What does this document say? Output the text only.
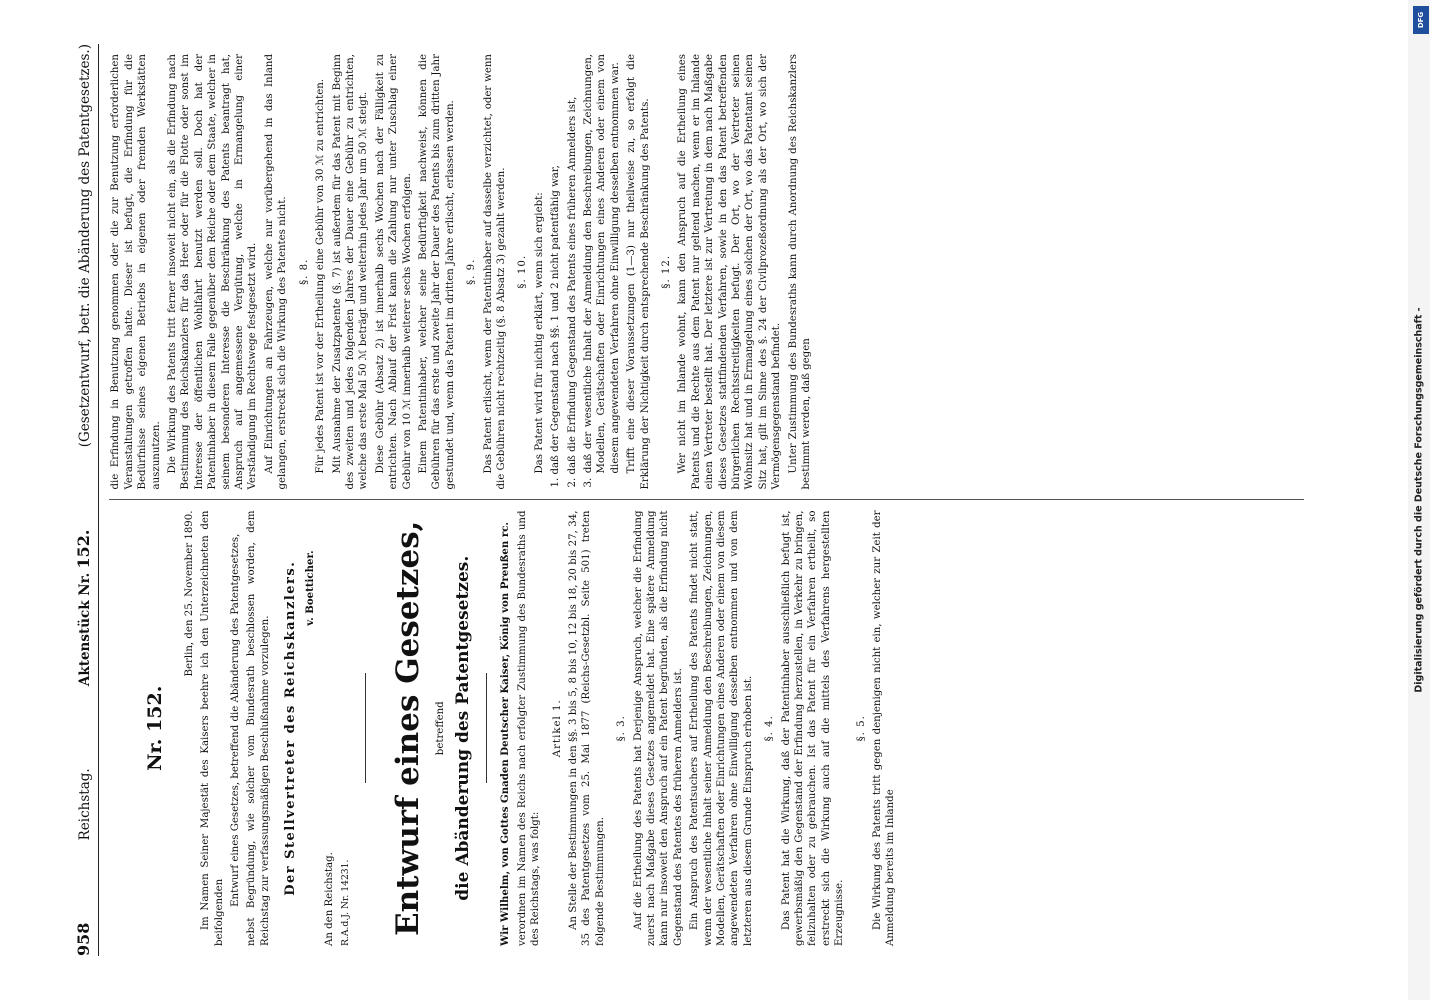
958
Reichstag.
Aktenstück Nr. 152.
(Gesetzentwurf, betr. die Abänderung des Patentgesetzes.)
Nr. 152.

Berlin, den 25. November 1890. Im Namen Seiner Majestät des Kaisers beehre ich den Unterzeichneten den beifolgenden

Entwurf eines Gesetzes, betreffend die Abänderung des Patentgesetzes, nebst Begründung, wie solcher vom Bundesrath beschlossen worden, dem Reichstag zur verfassungsmäßigen Beschlußnahme vorzulegen. Der Stellvertreter des Reichskanzlers. v. Boetticher.

An den Reichstag. R.A.d.J. Nr. 14231. Entwurf eines Gesetzes, betreffend die Abänderung des Patentgesetzes.	Wir Wilhelm, von Gottes Gnaden Deutscher Kaiser, König von Preußen rc. verordnen im Namen des Reichs nach erfolgter Zustimmung des Bundesraths und des Reichstags, was folgt:

Artikel 1. An Stelle der Bestimmungen in den §§. 3 bis 5, 8 bis 10, 12 bis 18, 20 bis 27, 34, 35 des Patentgesetzes vom 25. Mai 1877 (Reichs-Gesetzbl. Seite 501) treten folgende Bestimmungen.

§. 3. Auf die Ertheilung des Patents hat Derjenige Anspruch, welcher die Erfindung zuerst nach Maßgabe dieses Gesetzes angemeldet hat. Eine spätere Anmeldung kann nur insoweit den Anspruch auf ein Patent begründen, als die Erfindung nicht Gegenstand des Patentes des früheren Anmelders ist. Ein Anspruch des Patentsuchers auf Ertheilung des Patents findet nicht statt, wenn der wesentliche Inhalt seiner Anmeldung den Beschreibungen, Zeichnungen, Modellen, Gerätschaften oder Einrichtungen eines Anderen oder einem von diesem angewendeten Verfahren ohne Einwilligung desselben entnommen und von dem letzteren aus diesem Grunde Einspruch erhoben ist. §. 4. Das Patent hat die Wirkung, daß der Patentinhaber ausschließlich befugt ist, gewerbsmäßig den Gegenstand der Erfindung herzustellen, in Verkehr zu bringen, feilzuhalten oder zu gebrauchen. Ist das Patent für ein Verfahren ertheilt, so erstreckt sich die Wirkung auch auf die mittels des Verfahrens hergestellten Erzeugnisse.

§. 5. Die Wirkung des Patents tritt gegen denjenigen nicht ein, welcher zur Zeit der Anmeldung bereits im Inlande

die Erfindung in Benutzung genommen oder die zur Benutzung erforderlichen Veranstaltungen getroffen hatte. Dieser ist befugt, die Erfindung für die Bedürfnisse seines eigenen Betriebs in eigenen oder fremden Werkstätten auszunutzen. Die Wirkung des Patents tritt ferner insoweit nicht ein, als die Erfindung nach Bestimmung des Reichskanzlers für das Heer oder für die Flotte oder sonst im Interesse der öffentlichen Wohlfahrt benutzt werden soll. Doch hat der Patentinhaber in diesem Falle gegenüber dem Reiche oder dem Staate, welcher in seinem besonderen Interesse die Beschränkung des Patents beantragt hat, Anspruch auf angemessene Vergütung, welche in Ermangelung einer Verständigung im Rechtswege festgesetzt wird. Auf Einrichtungen an Fahrzeugen, welche nur vorübergehend in das Inland gelangen, erstreckt sich die Wirkung des Patentes nicht. §. 8. Für jedes Patent ist vor der Ertheilung eine Gebühr von 30 ℳ zu entrichten. Mit Ausnahme der Zusatzpatente (§. 7) ist außerdem für das Patent mit Beginn des zweiten und jedes folgenden Jahres der Dauer eine Gebühr zu entrichten, welche das erste Mal 50 ℳ beträgt und weiterhin jedes Jahr um 50 ℳ steigt. Diese Gebühr (Absatz 2) ist innerhalb sechs Wochen nach der Fälligkeit zu entrichten. Nach Ablauf der Frist kann die Zahlung nur unter Zuschlag einer Gebühr von 10 ℳ innerhalb weiterer sechs Wochen erfolgen. Einem Patentinhaber, welcher seine Bedürftigkeit nachweist, können die Gebühren für das erste und zweite Jahr der Dauer des Patents bis zum dritten Jahr gestundet und, wenn das Patent im dritten Jahre erlischt, erlassen werden. §. 9. Das Patent erlischt, wenn der Patentinhaber auf dasselbe verzichtet, oder wenn die Gebühren nicht rechtzeitig (§. 8 Absatz 3) gezahlt werden. §. 10. Das Patent wird für nichtig erklärt, wenn sich ergiebt: 1. daß der Gegenstand nach §§. 1 und 2 nicht patentfähig war, 2. daß die Erfindung Gegenstand des Patents eines früheren Anmelders ist, 3. daß der wesentliche Inhalt der Anmeldung den Beschreibungen, Zeichnungen, Modellen, Gerätschaften oder Einrichtungen eines Anderen oder einem von diesem angewendeten Verfahren ohne Einwilligung desselben entnommen war. Trifft eine dieser Voraussetzungen (1—3) nur theilweise zu, so erfolgt die Erklärung der Nichtigkeit durch entsprechende Beschränkung des Patents. §. 12. Wer nicht im Inlande wohnt, kann den Anspruch auf die Ertheilung eines Patents und die Rechte aus dem Patent nur geltend machen, wenn er im Inlande einen Vertreter bestellt hat. Der letztere ist zur Vertretung in dem nach Maßgabe dieses Gesetzes stattfindenden Verfahren, sowie in den das Patent betreffenden bürgerlichen Rechtsstreitigkeiten befugt. Der Ort, wo der Vertreter seinen Wohnsitz hat und in Ermangelung eines solchen der Ort, wo das Patentamt seinen Sitz hat, gilt im Sinne des §. 24 der Civilprozeßordnung als der Ort, wo sich der Vermögensgegenstand befindet. Unter Zustimmung des Bundesraths kann durch Anordnung des Reichskanzlers bestimmt werden, daß gegen	Digitalisierung gefördert durch die Deutsche Forschungsgemeinschaft -
DFG
